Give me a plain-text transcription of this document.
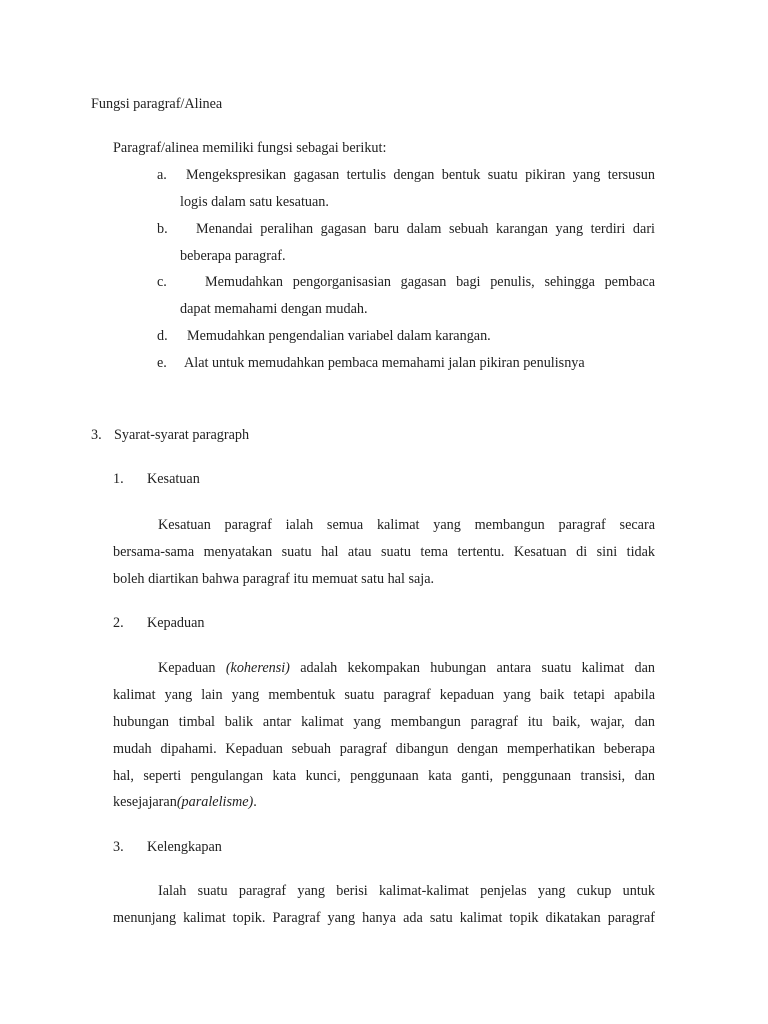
Fungsi paragraf/Alinea
Paragraf/alinea memiliki fungsi sebagai berikut:
a. Mengekspresikan gagasan tertulis dengan bentuk suatu pikiran yang tersusun
logis dalam satu kesatuan.
b. Menandai peralihan gagasan baru dalam sebuah karangan yang terdiri dari
beberapa paragraf.
c.	Memudahkan pengorganisasian gagasan bagi penulis, sehingga pembaca
dapat memahami dengan mudah.
d. Memudahkan pengendalian variabel dalam karangan.
e. Alat untuk memudahkan pembaca memahami jalan pikiran penulisnya
3. Syarat-syarat paragraph
1. Kesatuan
Kesatuan paragraf ialah semua kalimat yang membangun paragraf secara
bersama-sama menyatakan suatu hal atau suatu tema tertentu. Kesatuan di sini tidak
boleh diartikan bahwa paragraf itu memuat satu hal saja.
2. Kepaduan
Kepaduan (koherensi) adalah kekompakan hubungan antara suatu kalimat dan
kalimat yang lain yang membentuk suatu paragraf kepaduan yang baik tetapi apabila
hubungan timbal balik antar kalimat yang membangun paragraf itu baik, wajar, dan
mudah dipahami. Kepaduan sebuah paragraf dibangun dengan memperhatikan beberapa
hal, seperti pengulangan kata kunci, penggunaan kata ganti, penggunaan transisi, dan
kesejajaran(paralelisme).
3. Kelengkapan
Ialah suatu paragraf yang berisi kalimat-kalimat penjelas yang cukup untuk
menunjang kalimat topik. Paragraf yang hanya ada satu kalimat topik dikatakan paragraf
